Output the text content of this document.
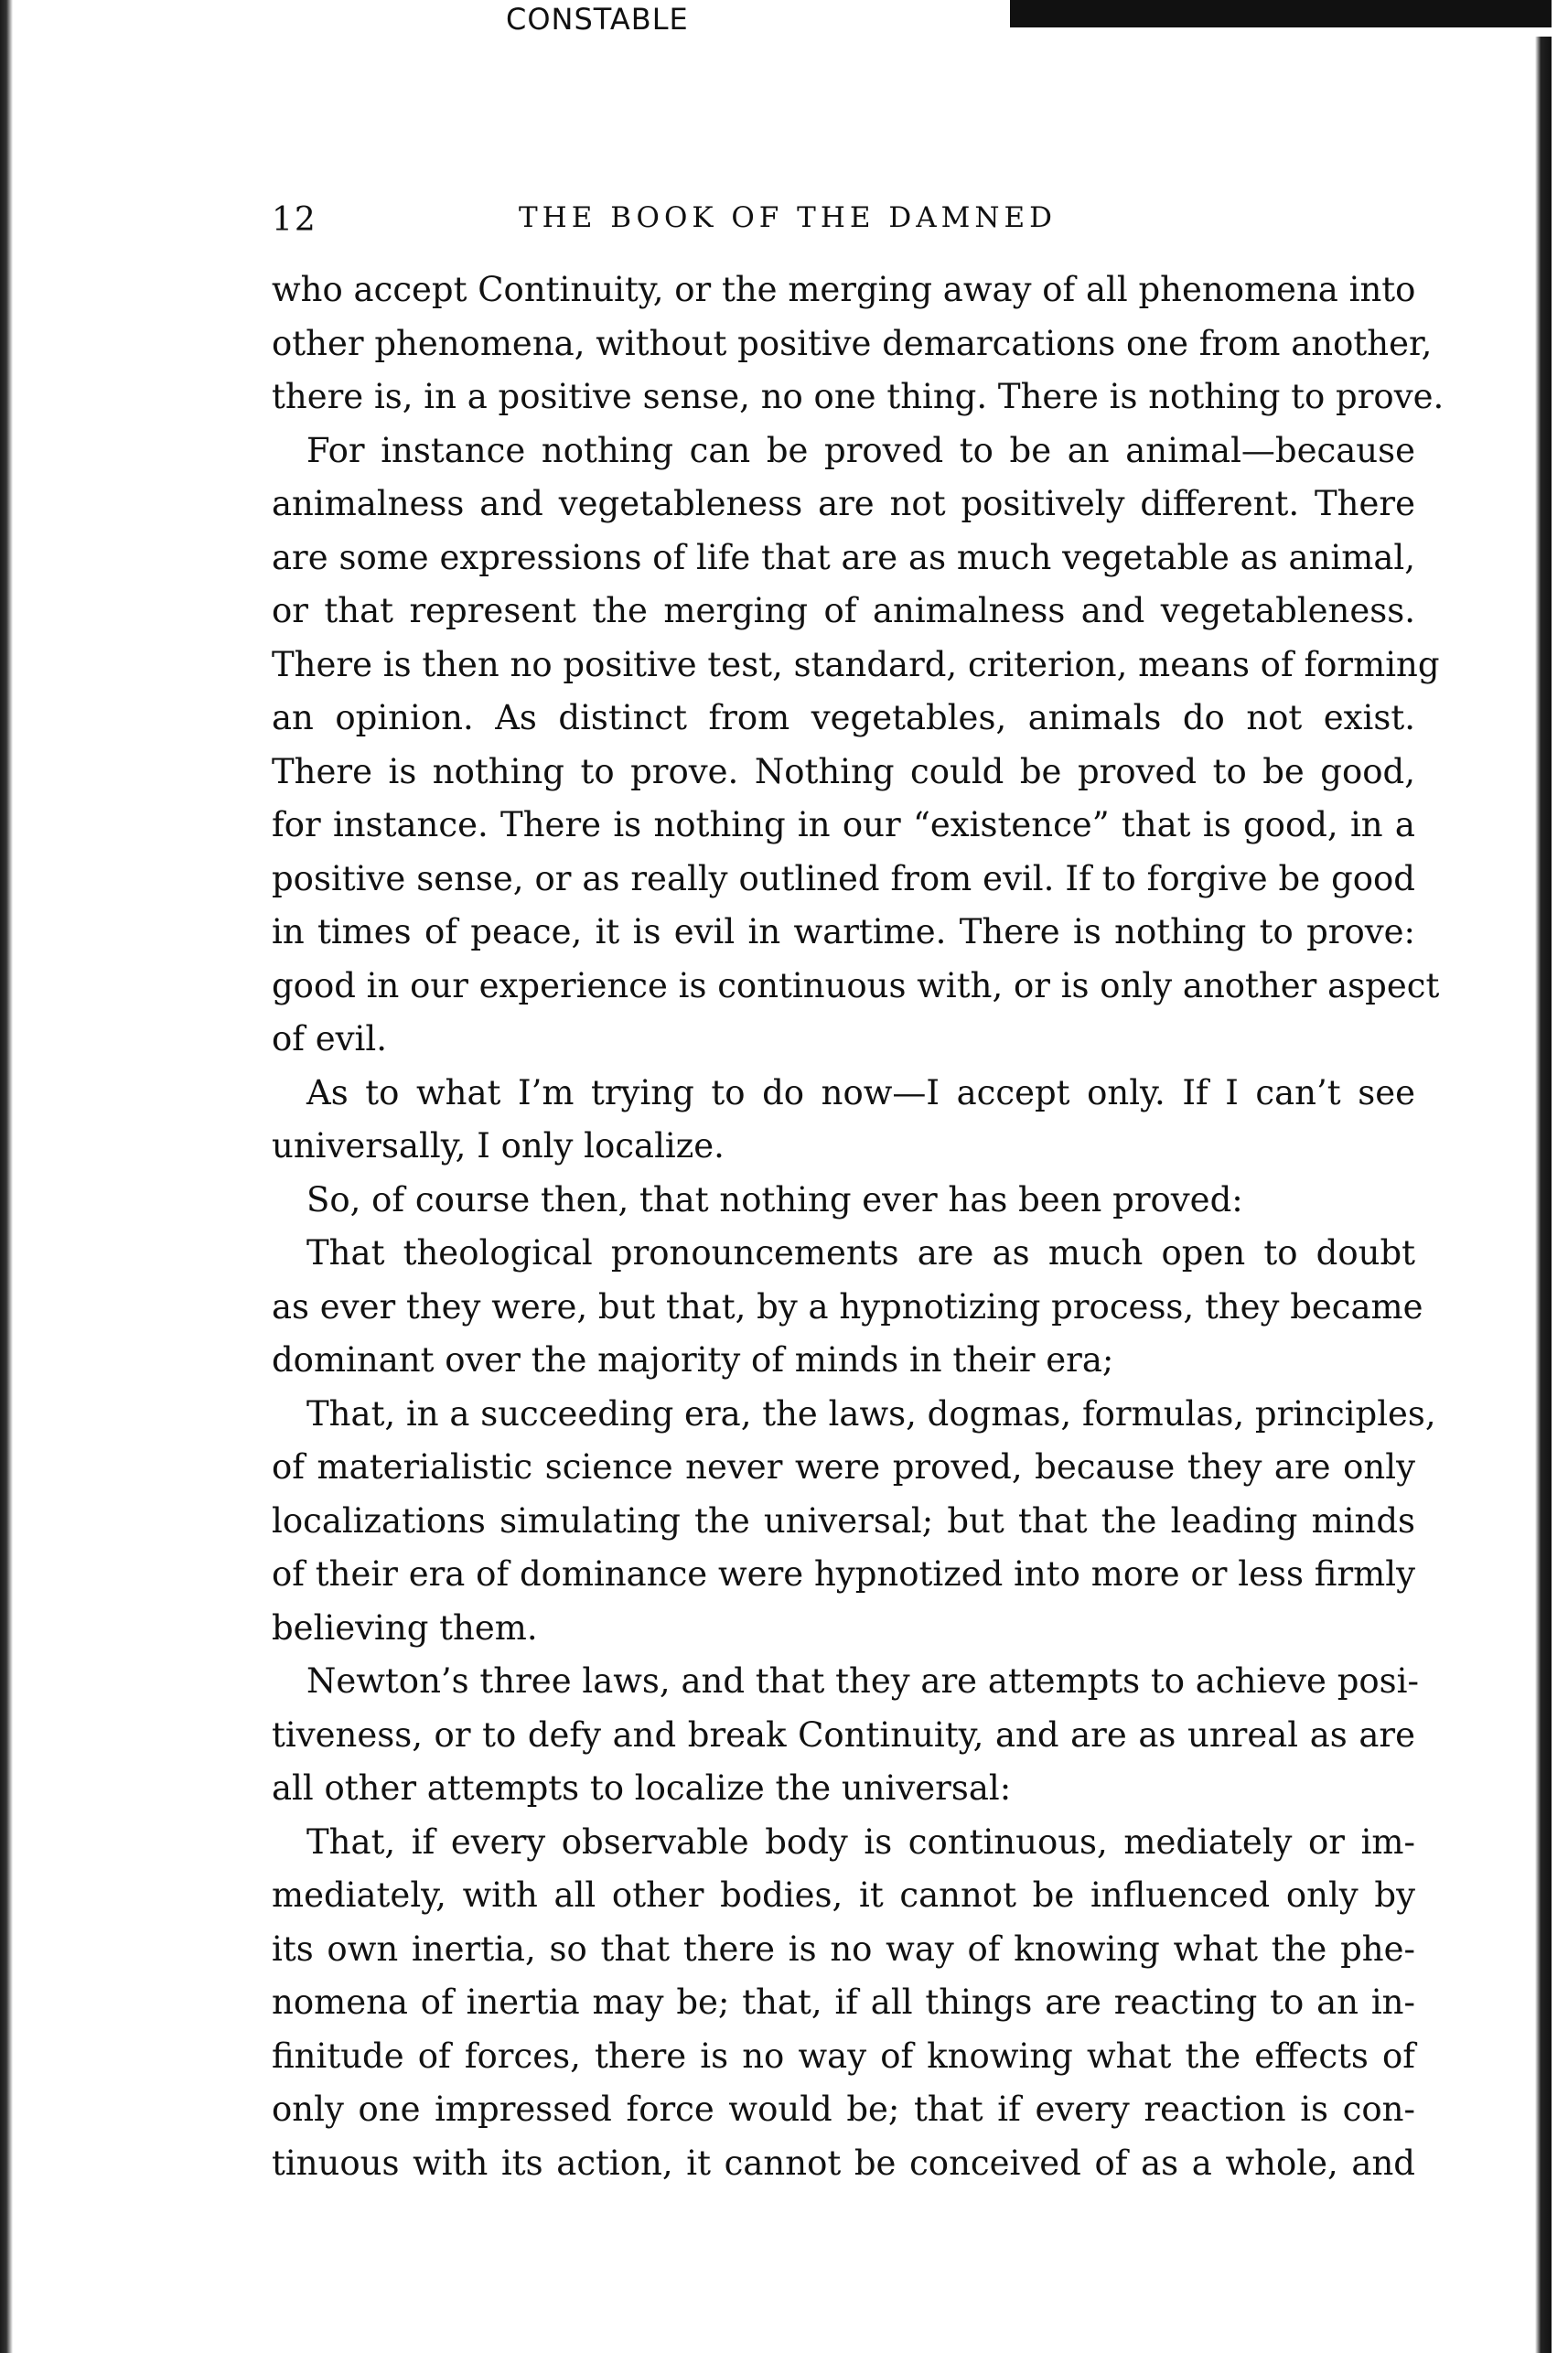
CONSTABLE
12	THE BOOK OF THE DAMNED
who accept Continuity, or the merging away of all phenomena into
other phenomena, without positive demarcations one from another,
there is, in a positive sense, no one thing. There is nothing to prove.
For instance nothing can be proved to be an animal—because
animalness and vegetableness are not positively different. There
are some expressions of life that are as much vegetable as animal,
or that represent the merging of animalness and vegetableness.
There is then no positive test, standard, criterion, means of forming
an opinion. As distinct from vegetables, animals do not exist.
There is nothing to prove. Nothing could be proved to be good,
for instance. There is nothing in our “existence” that is good, in a
positive sense, or as really outlined from evil. If to forgive be good
in times of peace, it is evil in wartime. There is nothing to prove:
good in our experience is continuous with, or is only another aspect
of evil.
As to what I’m trying to do now—I accept only. If I can’t see
universally, I only localize.
So, of course then, that nothing ever has been proved:
That theological pronouncements are as much open to doubt
as ever they were, but that, by a hypnotizing process, they became
dominant over the majority of minds in their era;
That, in a succeeding era, the laws, dogmas, formulas, principles,
of materialistic science never were proved, because they are only
localizations simulating the universal; but that the leading minds
of their era of dominance were hypnotized into more or less firmly
believing them.
Newton’s three laws, and that they are attempts to achieve posi-
tiveness, or to defy and break Continuity, and are as unreal as are
all other attempts to localize the universal:
That, if every observable body is continuous, mediately or im-
mediately, with all other bodies, it cannot be influenced only by
its own inertia, so that there is no way of knowing what the phe-
nomena of inertia may be; that, if all things are reacting to an in-
finitude of forces, there is no way of knowing what the effects of
only one impressed force would be; that if every reaction is con-
tinuous with its action, it cannot be conceived of as a whole, and
